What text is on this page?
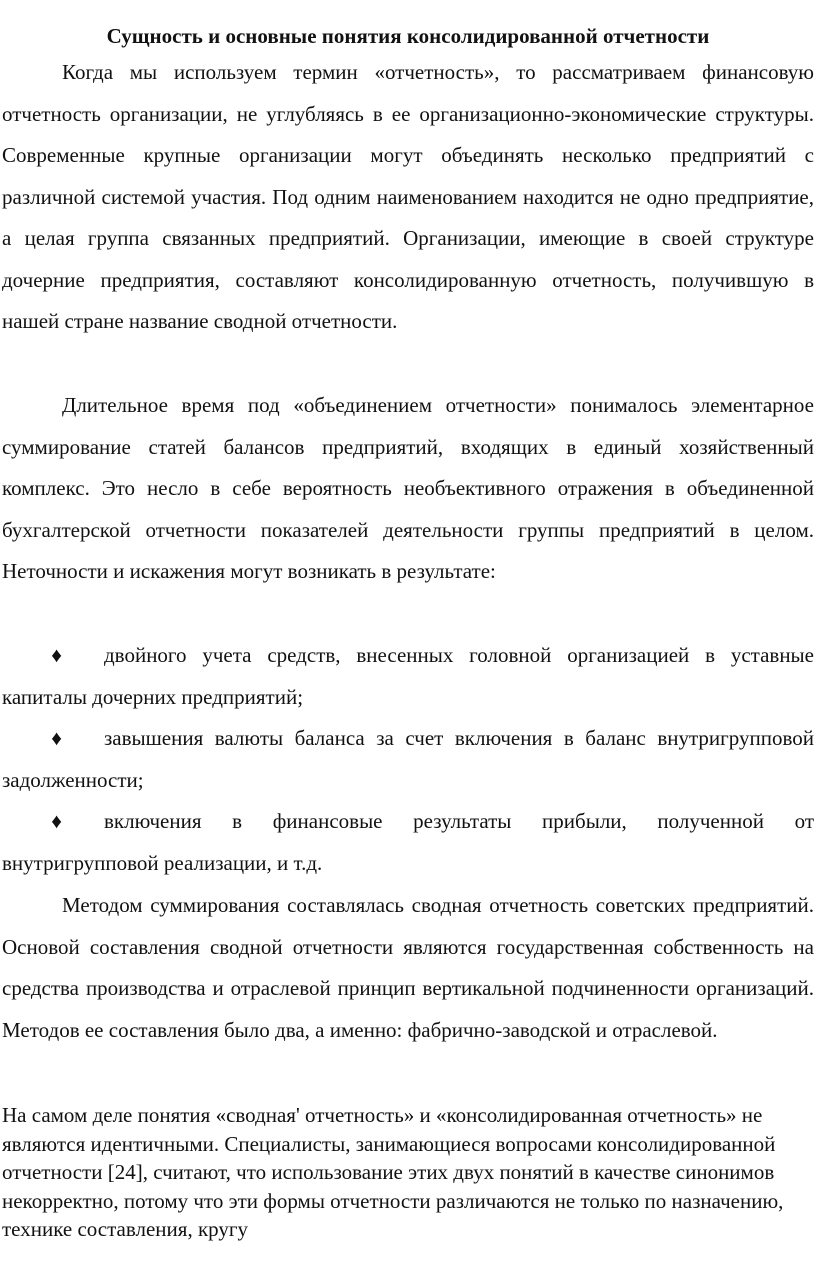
Сущность и основные понятия консолидированной отчетности

Когда мы используем термин «отчетность», то рассматриваем финансовую отчетность организации, не углубляясь в ее организационно-экономические структуры. Современные крупные организации могут объединять несколько предприятий с различной системой участия. Под одним наименованием находится не одно предприятие, а целая группа связанных предприятий. Организации, имеющие в своей структуре дочерние предприятия, составляют консолидированную отчетность, получившую в нашей стране название сводной отчетности.

Длительное время под «объединением отчетности» понималось элементарное суммирование статей балансов предприятий, входящих в единый хозяйственный комплекс. Это несло в себе вероятность необъективного отражения в объединенной бухгалтерской отчетности показателей деятельности группы предприятий в целом. Неточности и искажения могут возникать в результате:

♦ двойного учета средств, внесенных головной организацией в уставные капиталы дочерних предприятий;

♦ завышения валюты баланса за счет включения в баланс внутригрупповой задолженности;

♦ включения в финансовые результаты прибыли, полученной от внутригрупповой реализации, и т.д.

Методом суммирования составлялась сводная отчетность советских предприятий. Основой составления сводной отчетности являются государственная собственность на средства производства и отраслевой принцип вертикальной подчиненности организаций. Методов ее составления было два, а именно: фабрично-заводской и отраслевой.

На самом деле понятия «сводная' отчетность» и «консолидированная отчетность» не являются идентичными. Специалисты, занимающиеся вопросами консолидированной отчетности [24], считают, что использование этих двух понятий в качестве синонимов некорректно, потому что эти формы отчетности различаются не только по назначению, технике составления, кругу
